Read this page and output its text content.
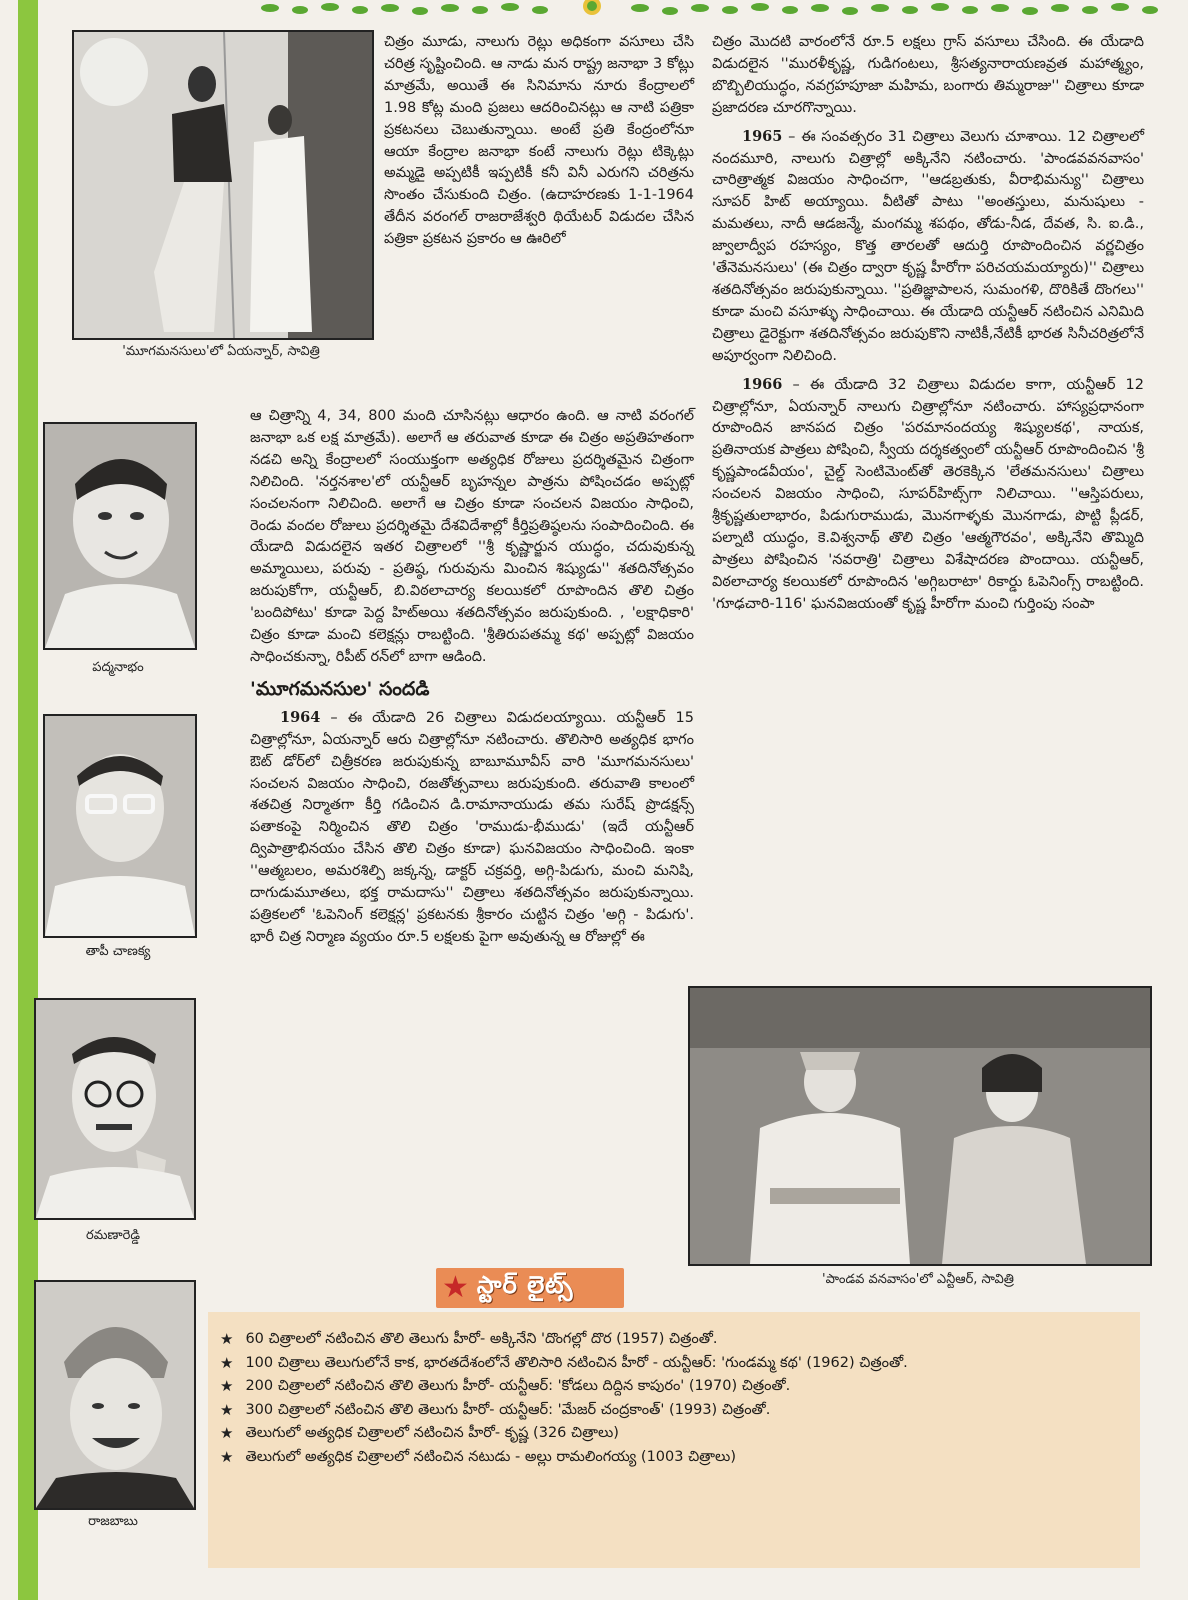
'మూగమనసులు'లో ఏయన్నార్, సావిత్రి
పద్మనాభం
తాపీ చాణక్య
రమణారెడ్డి
రాజబాబు
'పాండవ వనవాసం'లో ఎన్టీఆర్, సావిత్రి

చిత్రం మూడు, నాలుగు రెట్లు అధికంగా వసూలు చేసి చరిత్ర సృష్టించింది. ఆ నాడు మన రాష్ట్ర జనాభా 3 కోట్లు మాత్రమే, అయితే ఈ సినిమాను నూరు కేంద్రాలలో 1.98 కోట్ల మంది ప్రజలు ఆదరించినట్లు ఆ నాటి పత్రికా ప్రకటనలు చెబుతున్నాయి. అంటే ప్రతి కేంద్రంలోనూ ఆయా కేంద్రాల జనాభా కంటే నాలుగు రెట్లు టిక్కెట్లు అమ్మడై అప్పటికీ ఇప్పటికీ కనీ వినీ ఎరుగని చరిత్రను సొంతం చేసుకుంది చిత్రం. (ఉదాహరణకు 1-1-1964 తేదీన వరంగల్ రాజరాజేశ్వరి థియేటర్ విడుదల చేసిన పత్రికా ప్రకటన ప్రకారం ఆ ఊరిలో

ఆ చిత్రాన్ని 4, 34, 800 మంది చూసినట్లు ఆధారం ఉంది. ఆ నాటి వరంగల్ జనాభా ఒక లక్ష మాత్రమే). అలాగే ఆ తరువాత కూడా ఈ చిత్రం అప్రతిహతంగా నడచి అన్ని కేంద్రాలలో సంయుక్తంగా అత్యధిక రోజులు ప్రదర్శితమైన చిత్రంగా నిలిచింది. 'నర్తనశాల'లో యన్టీఆర్ బృహన్నల పాత్రను పోషించడం అప్పట్లో సంచలనంగా నిలిచింది. అలాగే ఆ చిత్రం కూడా సంచలన విజయం సాధించి, రెండు వందల రోజులు ప్రదర్శితమై దేశవిదేశాల్లో కీర్తిప్రతిష్ఠలను సంపాదించింది. ఈ యేడాది విడుదలైన ఇతర చిత్రాలలో ''శ్రీ కృష్ణార్జున యుద్ధం, చదువుకున్న అమ్మాయిలు, పరువు - ప్రతిష్ఠ, గురువును మించిన శిష్యుడు'' శతదినోత్సవం జరుపుకోగా, యన్టీఆర్, బి.విఠలాచార్య కలయికలో రూపొందిన తొలి చిత్రం 'బందిపోటు' కూడా పెద్ద హిట్అయి శతదినోత్సవం జరుపుకుంది. , 'లక్షాధికారి' చిత్రం కూడా మంచి కలెక్షన్లు రాబట్టింది. 'శ్రీతిరుపతమ్మ కథ' అప్పట్లో విజయం సాధించకున్నా, రిపీట్ రన్‌లో బాగా ఆడింది.

'మూగమనసుల' సందడి

1964 – ఈ యేడాది 26 చిత్రాలు విడుదలయ్యాయి. యన్టీఆర్ 15 చిత్రాల్లోనూ, ఏయన్నార్ ఆరు చిత్రాల్లోనూ నటించారు. తొలిసారి అత్యధిక భాగం ఔట్ డోర్‌లో చిత్రీకరణ జరుపుకున్న బాబూమూవీస్ వారి 'మూగమనసులు' సంచలన విజయం సాధించి, రజతోత్సవాలు జరుపుకుంది. తరువాతి కాలంలో శతచిత్ర నిర్మాతగా కీర్తి గడించిన డి.రామానాయుడు తమ సురేష్ ప్రొడక్షన్స్ పతాకంపై నిర్మించిన తొలి చిత్రం 'రాముడు-భీముడు' (ఇదే యన్టీఆర్ ద్విపాత్రాభినయం చేసిన తొలి చిత్రం కూడా) ఘనవిజయం సాధించింది. ఇంకా ''ఆత్మబలం, అమరశిల్పి జక్కన్న, డాక్టర్ చక్రవర్తి, అగ్గి-పిడుగు, మంచి మనిషి, దాగుడుమూతలు, భక్త రామదాసు'' చిత్రాలు శతదినోత్సవం జరుపుకున్నాయి. పత్రికలలో 'ఓపెనింగ్ కలెక్షన్ల' ప్రకటనకు శ్రీకారం చుట్టిన చిత్రం 'అగ్గి - పిడుగు'. భారీ చిత్ర నిర్మాణ వ్యయం రూ.5 లక్షలకు పైగా అవుతున్న ఆ రోజుల్లో ఈ

చిత్రం మొదటి వారంలోనే రూ.5 లక్షలు గ్రాస్ వసూలు చేసింది. ఈ యేడాది విడుదలైన ''మురళీకృష్ణ, గుడిగంటలు, శ్రీసత్యనారాయణవ్రత మహాత్మ్యం, బొబ్బిలియుద్ధం, నవగ్రహపూజా మహిమ, బంగారు తిమ్మరాజు'' చిత్రాలు కూడా ప్రజాదరణ చూరగొన్నాయి.

1965 – ఈ సంవత్సరం 31 చిత్రాలు వెలుగు చూశాయి. 12 చిత్రాలలో నందమూరి, నాలుగు చిత్రాల్లో అక్కినేని నటించారు. 'పాండవవనవాసం' చారిత్రాత్మక విజయం సాధించగా, ''ఆడబ్రతుకు, వీరాభిమన్యు'' చిత్రాలు సూపర్ హిట్ అయ్యాయి. వీటితో పాటు ''అంతస్తులు, మనుషులు - మమతలు, నాదీ ఆడజన్మే, మంగమ్మ శపథం, తోడు-నీడ, దేవత, సి. ఐ.డి., జ్వాలాద్వీప రహస్యం, కొత్త తారలతో ఆదుర్తి రూపొందించిన వర్ణచిత్రం 'తేనెమనసులు' (ఈ చిత్రం ద్వారా కృష్ణ హీరోగా పరిచయమయ్యారు)'' చిత్రాలు శతదినోత్సవం జరుపుకున్నాయి. ''ప్రతిజ్ఞాపాలన, సుమంగళి, దొరికితే దొంగలు'' కూడా మంచి వసూళ్ళు సాధించాయి. ఈ యేడాది యన్టీఆర్ నటించిన ఎనిమిది చిత్రాలు డైరెక్టుగా శతదినోత్సవం జరుపుకొని నాటికీ,నేటికీ భారత సినీచరిత్రలోనే అపూర్వంగా నిలిచింది.

1966 – ఈ యేడాది 32 చిత్రాలు విడుదల కాగా, యన్టీఆర్ 12 చిత్రాల్లోనూ, ఏయన్నార్ నాలుగు చిత్రాల్లోనూ నటించారు. హాస్యప్రధానంగా రూపొందిన జానపద చిత్రం 'పరమానందయ్య శిష్యులకథ', నాయక, ప్రతినాయక పాత్రలు పోషించి, స్వీయ దర్శకత్వంలో యన్టీఆర్ రూపొందించిన 'శ్రీ కృష్ణపాండవీయం', చైల్డ్ సెంటిమెంట్‌తో తెరకెక్కిన 'లేతమనసులు' చిత్రాలు సంచలన విజయం సాధించి, సూపర్‌హిట్స్‌గా నిలిచాయి. ''ఆస్తిపరులు, శ్రీకృష్ణతులాభారం, పిడుగురాముడు, మొనగాళ్ళకు మొనగాడు, పొట్టి ప్లీడర్, పల్నాటి యుద్ధం, కె.విశ్వనాథ్ తొలి చిత్రం 'ఆత్మగౌరవం', అక్కినేని తొమ్మిది పాత్రలు పోషించిన 'నవరాత్రి' చిత్రాలు విశేషాదరణ పొందాయి. యన్టీఆర్, విఠలాచార్య కలయికలో రూపొందిన 'అగ్గిబరాటా' రికార్డు ఓపెనింగ్స్ రాబట్టింది. 'గూఢచారి-116' ఘనవిజయంతో కృష్ణ హీరోగా మంచి గుర్తింపు సంపా

★ స్టార్ లైట్స్
★ 60 చిత్రాలలో నటించిన తొలి తెలుగు హీరో- అక్కినేని 'దొంగల్లో దొర (1957) చిత్రంతో.
★ 100 చిత్రాలు తెలుగులోనే కాక, భారతదేశంలోనే తొలిసారి నటించిన హీరో - యన్టీఆర్: 'గుండమ్మ కథ' (1962) చిత్రంతో.
★ 200 చిత్రాలలో నటించిన తొలి తెలుగు హీరో- యన్టీఆర్: 'కోడలు దిద్దిన కాపురం' (1970) చిత్రంతో.
★ 300 చిత్రాలలో నటించిన తొలి తెలుగు హీరో- యన్టీఆర్: 'మేజర్ చంద్రకాంత్' (1993) చిత్రంతో.
★ తెలుగులో అత్యధిక చిత్రాలలో నటించిన హీరో- కృష్ణ (326 చిత్రాలు)
★ తెలుగులో అత్యధిక చిత్రాలలో నటించిన నటుడు - అల్లు రామలింగయ్య (1003 చిత్రాలు)
